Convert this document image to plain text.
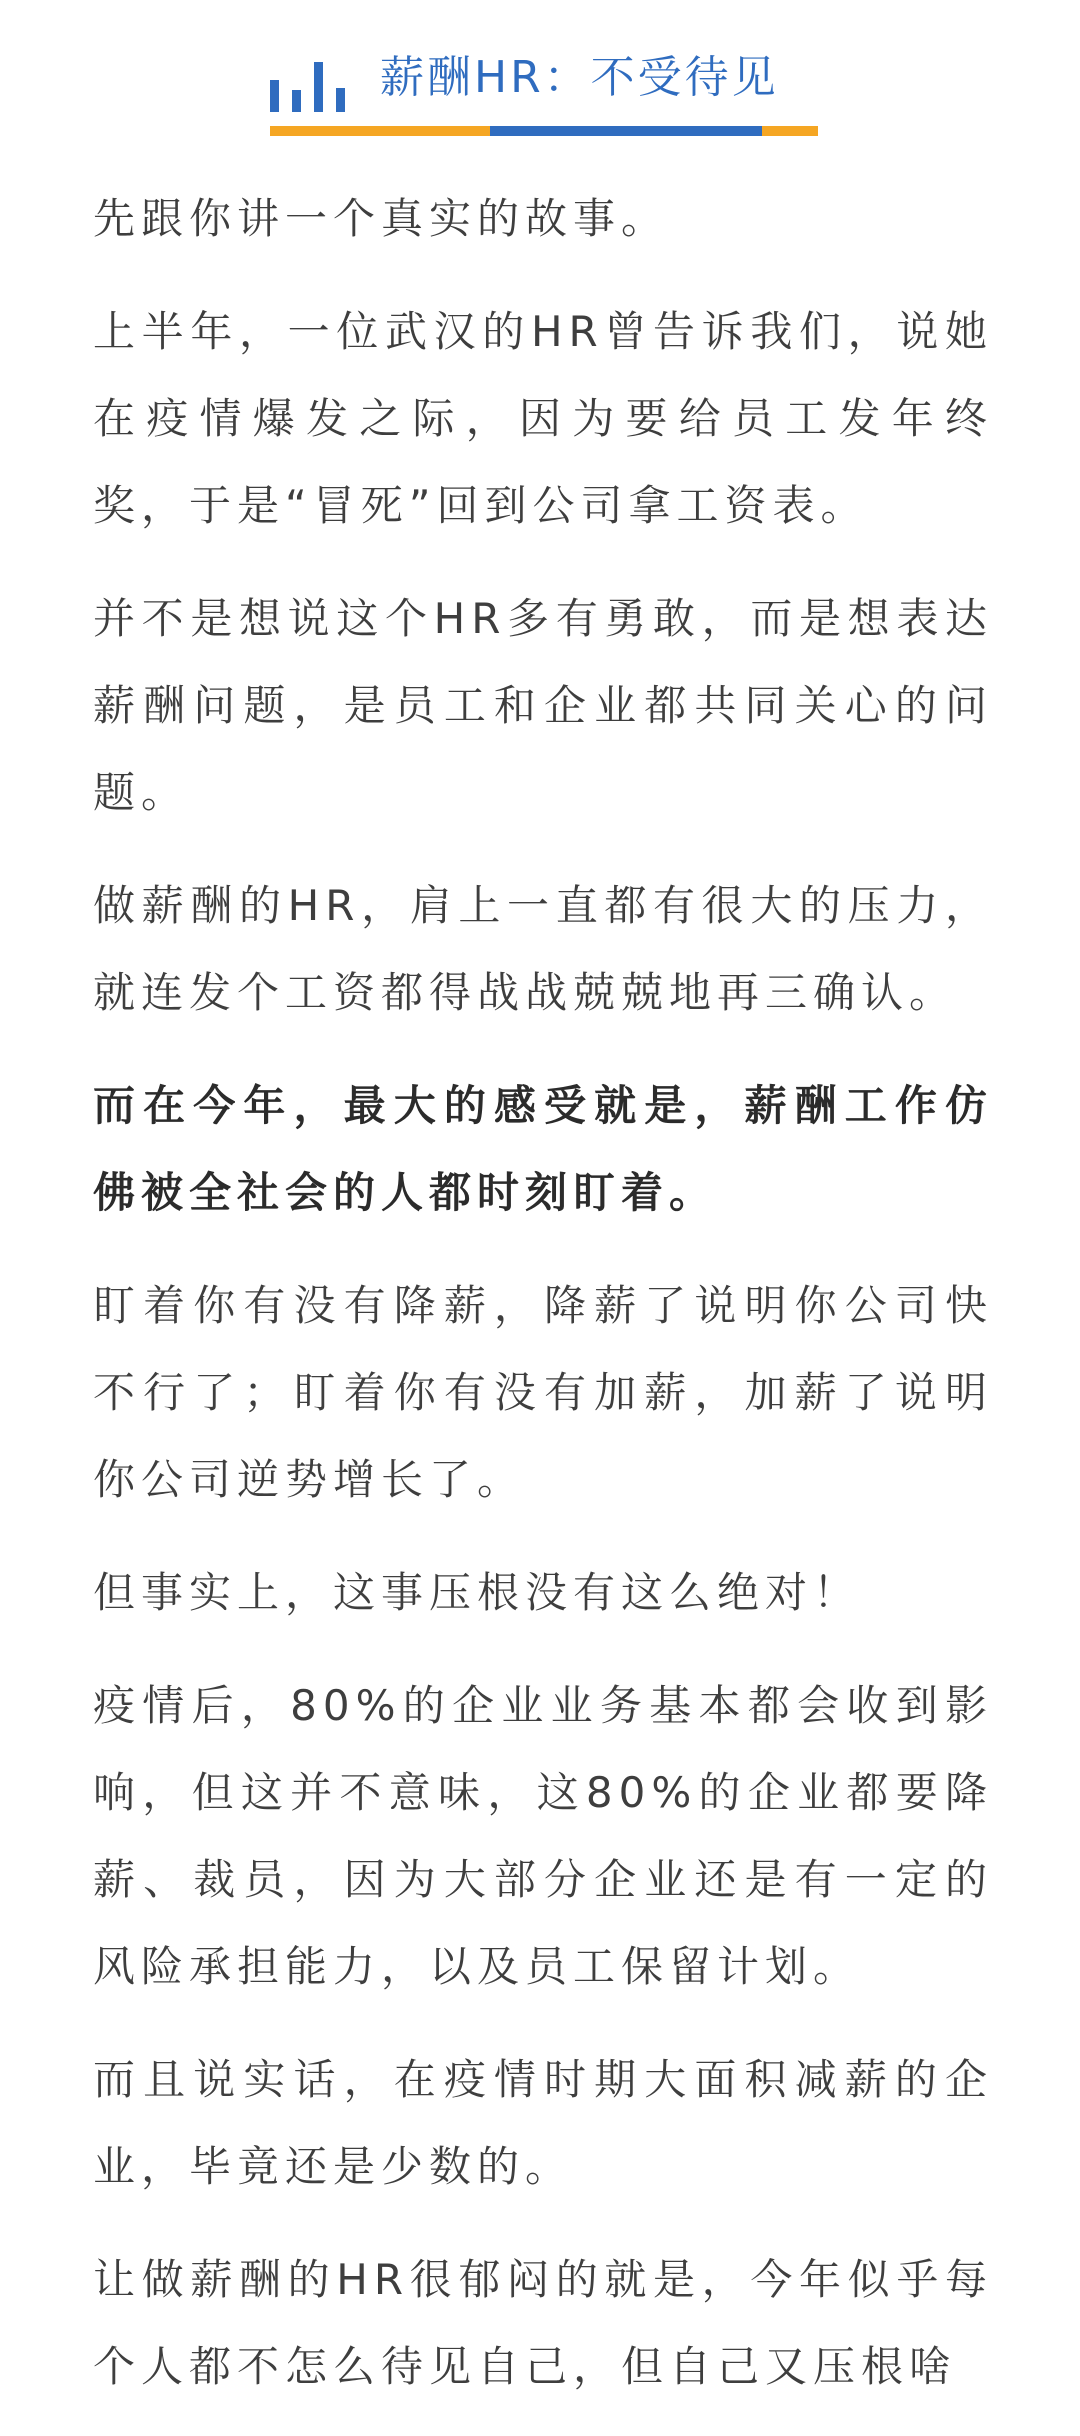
薪酬HR：不受待见

先跟你讲一个真实的故事。

上半年，一位武汉的HR曾告诉我们，说她在疫情爆发之际，因为要给员工发年终奖，于是“冒死”回到公司拿工资表。

并不是想说这个HR多有勇敢，而是想表达薪酬问题，是员工和企业都共同关心的问题。

做薪酬的HR，肩上一直都有很大的压力，就连发个工资都得战战兢兢地再三确认。

而在今年，最大的感受就是，薪酬工作仿佛被全社会的人都时刻盯着。

盯着你有没有降薪，降薪了说明你公司快不行了；盯着你有没有加薪，加薪了说明你公司逆势增长了。

但事实上，这事压根没有这么绝对！

疫情后，80%的企业业务基本都会收到影响，但这并不意味，这80%的企业都要降薪、裁员，因为大部分企业还是有一定的风险承担能力，以及员工保留计划。

而且说实话，在疫情时期大面积减薪的企业，毕竟还是少数的。

让做薪酬的HR很郁闷的就是，今年似乎每个人都不怎么待见自己，但自己又压根啥
